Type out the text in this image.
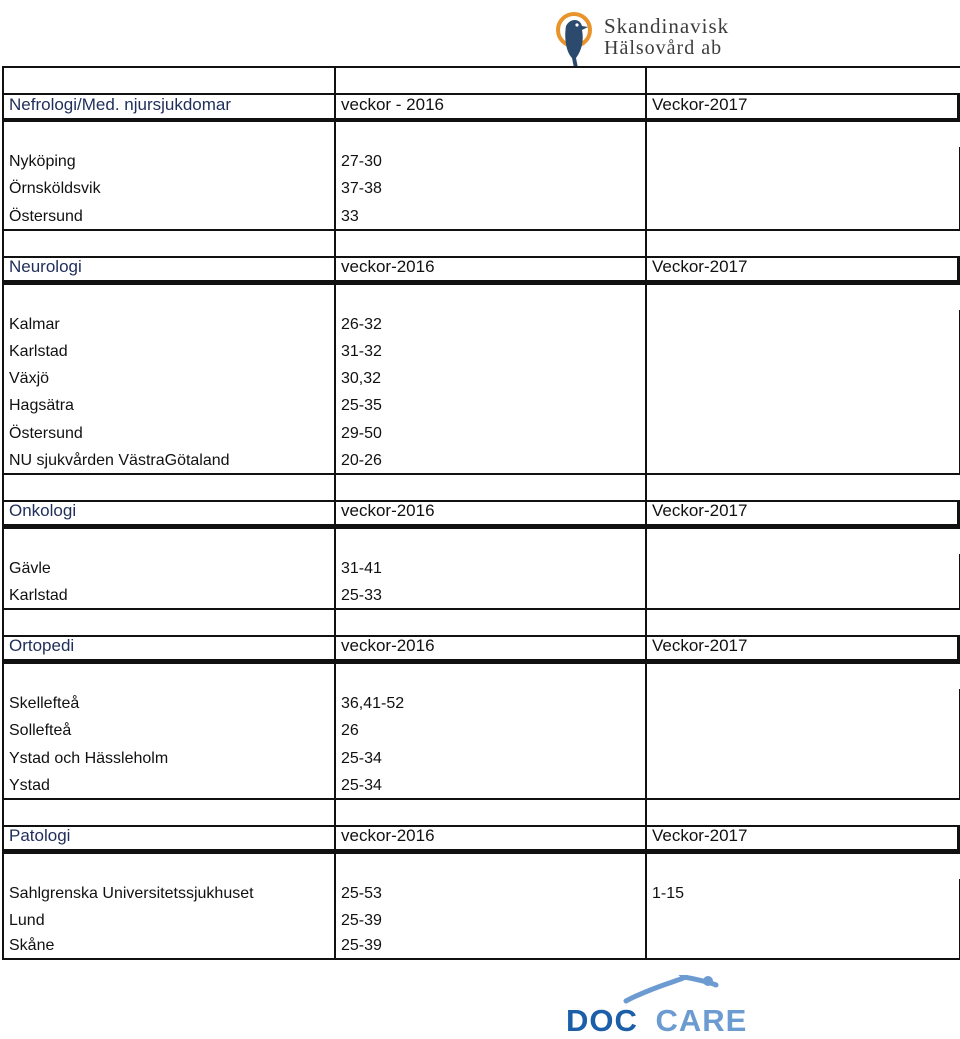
Skandinavisk
Hälsovård ab
Nefrologi/Med. njursjukdomar	veckor - 2016	Veckor-2017
Nyköping	27-30
Örnsköldsvik	37-38
Östersund	33
Neurologi	veckor-2016	Veckor-2017
Kalmar	26-32
Karlstad	31-32
Växjö	30,32
Hagsätra	25-35
Östersund	29-50
NU sjukvården VästraGötaland	20-26
Onkologi	veckor-2016	Veckor-2017
Gävle	31-41
Karlstad	25-33
Ortopedi	veckor-2016	Veckor-2017
Skellefteå	36,41-52
Sollefteå	26
Ystad och Hässleholm	25-34
Ystad	25-34
Patologi	veckor-2016	Veckor-2017
Sahlgrenska Universitetssjukhuset	25-53	1-15
Lund	25-39
Skåne	25-39
DOC CARE
